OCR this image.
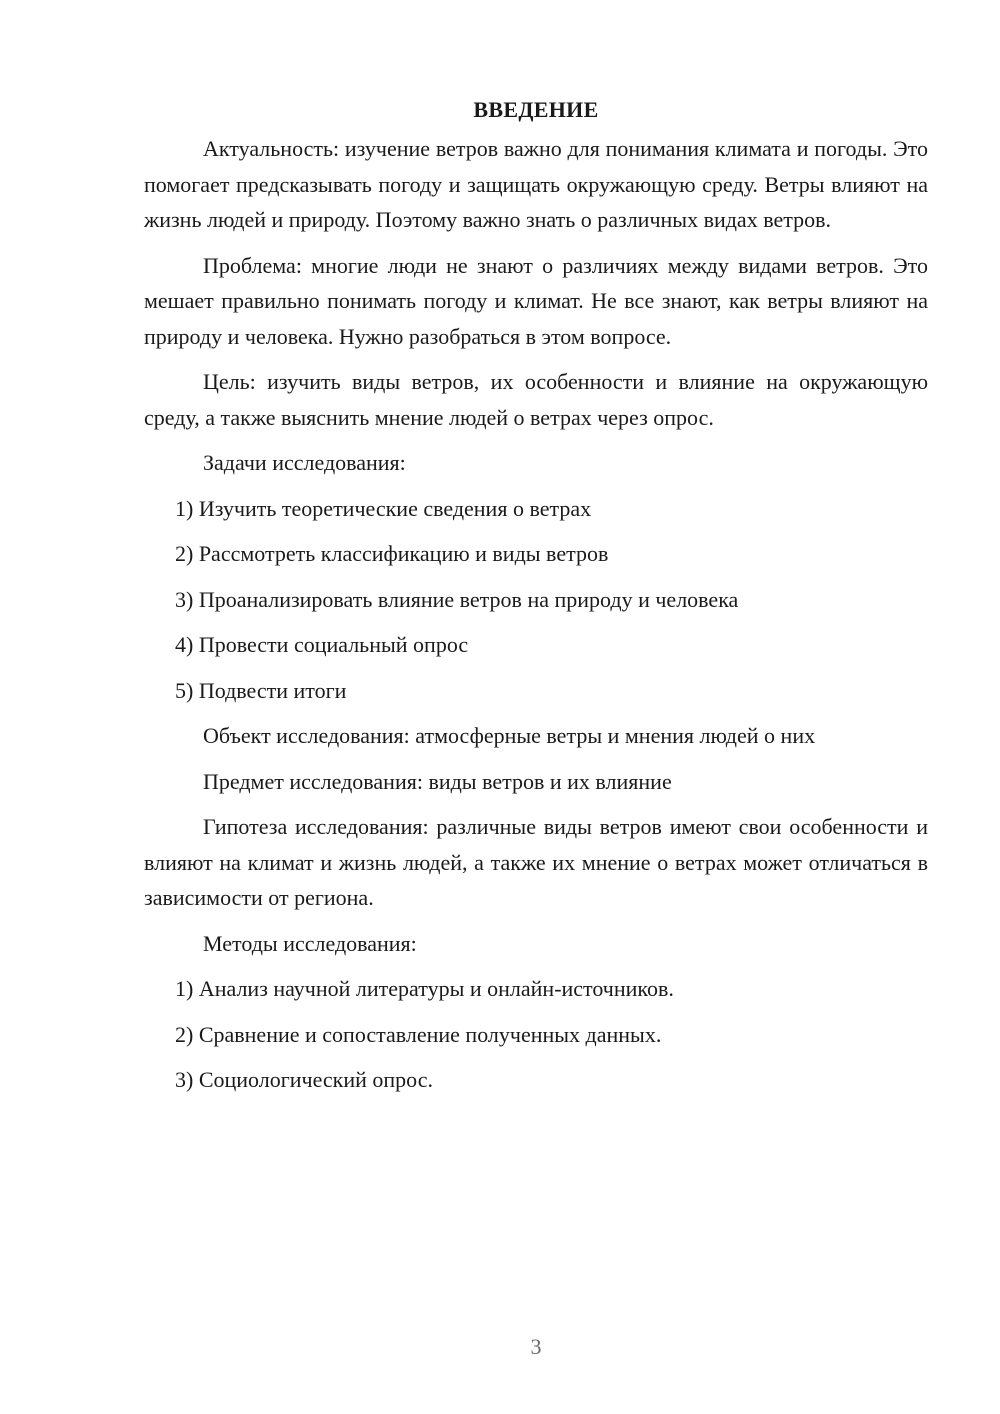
ВВЕДЕНИЕ

Актуальность: изучение ветров важно для понимания климата и погоды. Это помогает предсказывать погоду и защищать окружающую среду. Ветры влияют на жизнь людей и природу. Поэтому важно знать о различных видах ветров.

Проблема: многие люди не знают о различиях между видами ветров. Это мешает правильно понимать погоду и климат. Не все знают, как ветры влияют на природу и человека. Нужно разобраться в этом вопросе.

Цель: изучить виды ветров, их особенности и влияние на окружающую среду, а также выяснить мнение людей о ветрах через опрос.

Задачи исследования:

1) Изучить теоретические сведения о ветрах

2) Рассмотреть классификацию и виды ветров

3) Проанализировать влияние ветров на природу и человека

4) Провести социальный опрос

5) Подвести итоги

Объект исследования: атмосферные ветры и мнения людей о них

Предмет исследования: виды ветров и их влияние

Гипотеза исследования: различные виды ветров имеют свои особенности и влияют на климат и жизнь людей, а также их мнение о ветрах может отличаться в зависимости от региона.

Методы исследования:

1) Анализ научной литературы и онлайн-источников.

2) Сравнение и сопоставление полученных данных.

3) Социологический опрос.

3
